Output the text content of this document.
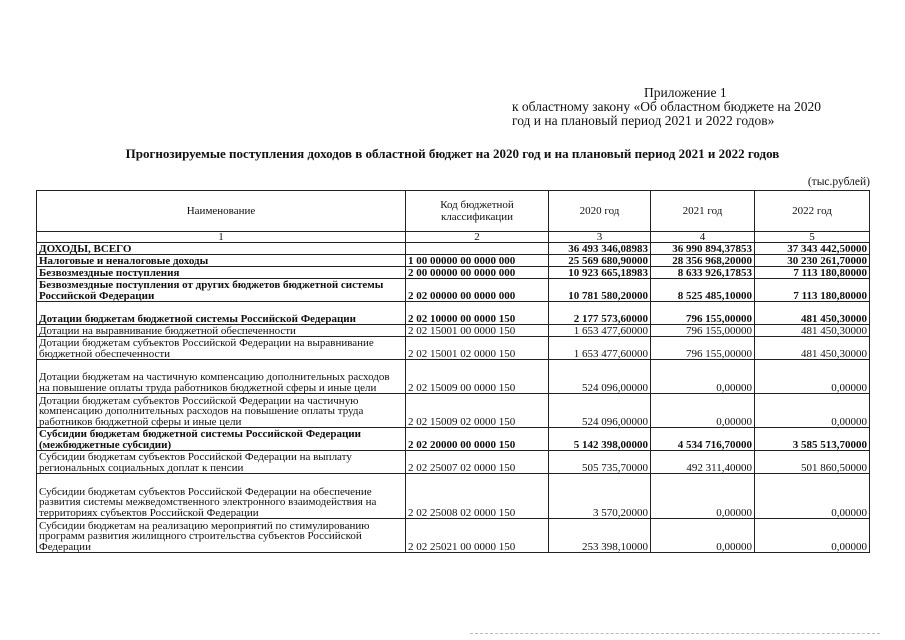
Приложение 1
к областному закону «Об областном бюджете на 2020
год и на плановый период 2021 и 2022 годов»
Прогнозируемые поступления доходов в областной бюджет на 2020 год и на плановый период 2021 и 2022 годов
(тыс.рублей)
Наименование	Код бюджетной классификации	2020 год	2021 год	2022 год
1	2	3	4	5
ДОХОДЫ, ВСЕГО		36 493 346,08983	36 990 894,37853	37 343 442,50000
Налоговые и неналоговые доходы	1 00 00000 00 0000 000	25 569 680,90000	28 356 968,20000	30 230 261,70000
Безвозмездные поступления	2 00 00000 00 0000 000	10 923 665,18983	8 633 926,17853	7 113 180,80000
Безвозмездные поступления от других бюджетов бюджетной системы Российской Федерации	2 02 00000 00 0000 000	10 781 580,20000	8 525 485,10000	7 113 180,80000
Дотации бюджетам бюджетной системы Российской Федерации	2 02 10000 00 0000 150	2 177 573,60000	796 155,00000	481 450,30000
Дотации на выравнивание бюджетной обеспеченности	2 02 15001 00 0000 150	1 653 477,60000	796 155,00000	481 450,30000
Дотации бюджетам субъектов Российской Федерации на выравнивание бюджетной обеспеченности	2 02 15001 02 0000 150	1 653 477,60000	796 155,00000	481 450,30000
Дотации бюджетам на частичную компенсацию дополнительных расходов на повышение оплаты труда работников бюджетной сферы и иные цели	2 02 15009 00 0000 150	524 096,00000	0,00000	0,00000
Дотации бюджетам субъектов Российской Федерации на частичную компенсацию дополнительных расходов на повышение оплаты труда работников бюджетной сферы и иные цели	2 02 15009 02 0000 150	524 096,00000	0,00000	0,00000
Субсидии бюджетам бюджетной системы Российской Федерации (межбюджетные субсидии)	2 02 20000 00 0000 150	5 142 398,00000	4 534 716,70000	3 585 513,70000
Субсидии бюджетам субъектов Российской Федерации на выплату региональных социальных доплат к пенсии	2 02 25007 02 0000 150	505 735,70000	492 311,40000	501 860,50000
Субсидии бюджетам субъектов Российской Федерации на обеспечение развития системы межведомственного электронного взаимодействия на территориях субъектов Российской Федерации	2 02 25008 02 0000 150	3 570,20000	0,00000	0,00000
Субсидии бюджетам на реализацию мероприятий по стимулированию программ развития жилищного строительства субъектов Российской Федерации	2 02 25021 00 0000 150	253 398,10000	0,00000	0,00000
